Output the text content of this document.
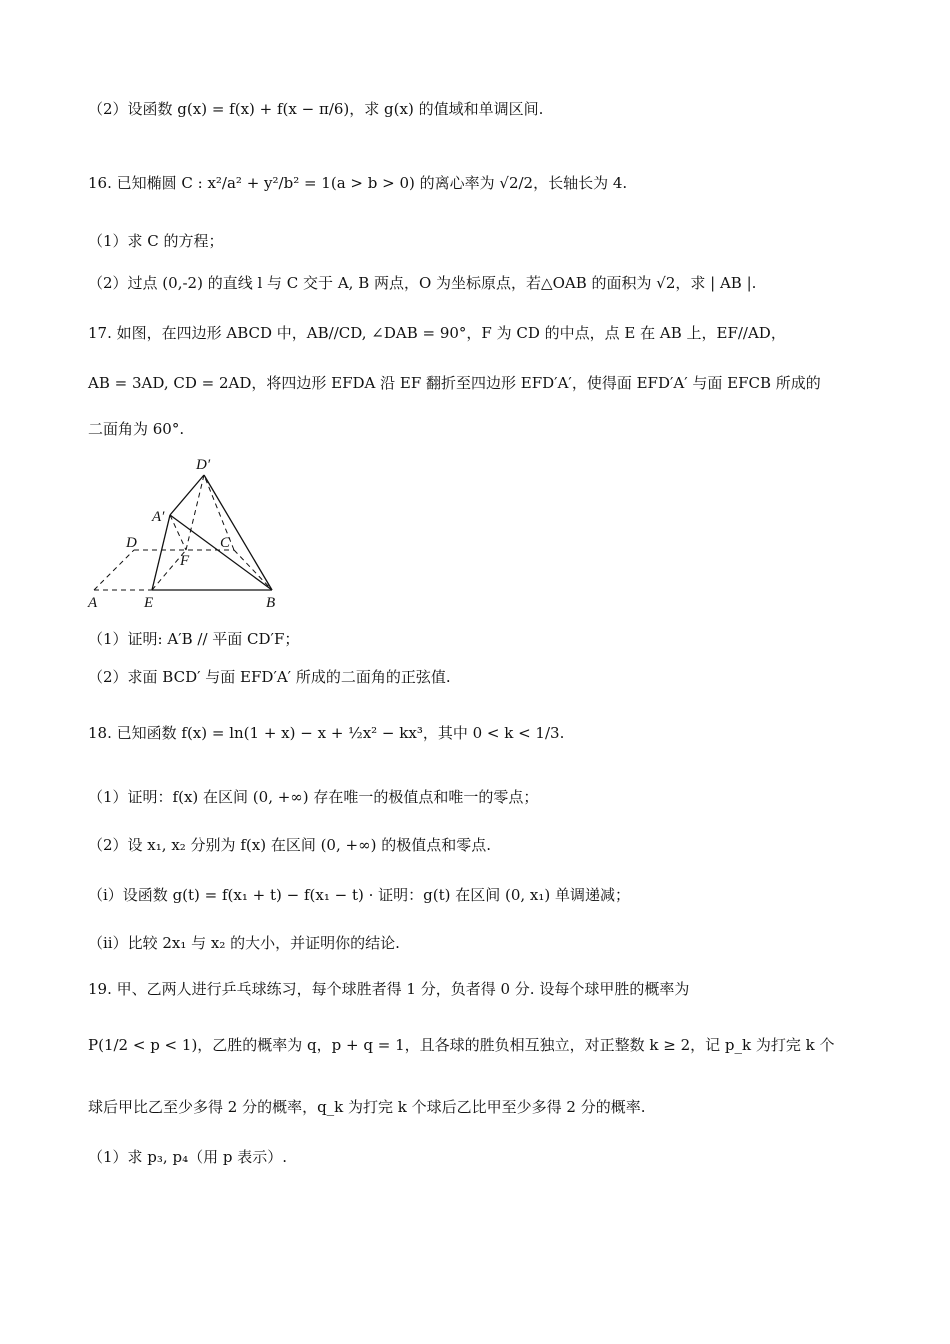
（2）设函数 g(x) = f(x) + f(x − π/6)，求 g(x) 的值域和单调区间.
16. 已知椭圆 C : x²/a² + y²/b² = 1(a > b > 0) 的离心率为 √2/2，长轴长为 4.
（1）求 C 的方程；
（2）过点 (0,-2) 的直线 l 与 C 交于 A, B 两点，O 为坐标原点，若△OAB 的面积为 √2，求 | AB |.
17. 如图，在四边形 ABCD 中，AB//CD, ∠DAB = 90°，F 为 CD 的中点，点 E 在 AB 上，EF//AD，
AB = 3AD, CD = 2AD，将四边形 EFDA 沿 EF 翻折至四边形 EFD′A′，使得面 EFD′A′ 与面 EFCB 所成的
二面角为 60°.
（1）证明: A′B // 平面 CD′F；
（2）求面 BCD′ 与面 EFD′A′ 所成的二面角的正弦值.
18. 已知函数 f(x) = ln(1 + x) − x + ½x² − kx³，其中 0 < k < 1/3.
（1）证明：f(x) 在区间 (0, +∞) 存在唯一的极值点和唯一的零点；
（2）设 x₁, x₂ 分别为 f(x) 在区间 (0, +∞) 的极值点和零点.
（i）设函数 g(t) = f(x₁ + t) − f(x₁ − t) · 证明：g(t) 在区间 (0, x₁) 单调递减；
（ii）比较 2x₁ 与 x₂ 的大小，并证明你的结论.
19. 甲、乙两人进行乒乓球练习，每个球胜者得 1 分，负者得 0 分. 设每个球甲胜的概率为
P(1/2 < p < 1)，乙胜的概率为 q，p + q = 1，且各球的胜负相互独立，对正整数 k ≥ 2，记 p_k 为打完 k 个
球后甲比乙至少多得 2 分的概率，q_k 为打完 k 个球后乙比甲至少多得 2 分的概率.
（1）求 p₃, p₄（用 p 表示）.
D′
A′
D	C
F
A	E	B
